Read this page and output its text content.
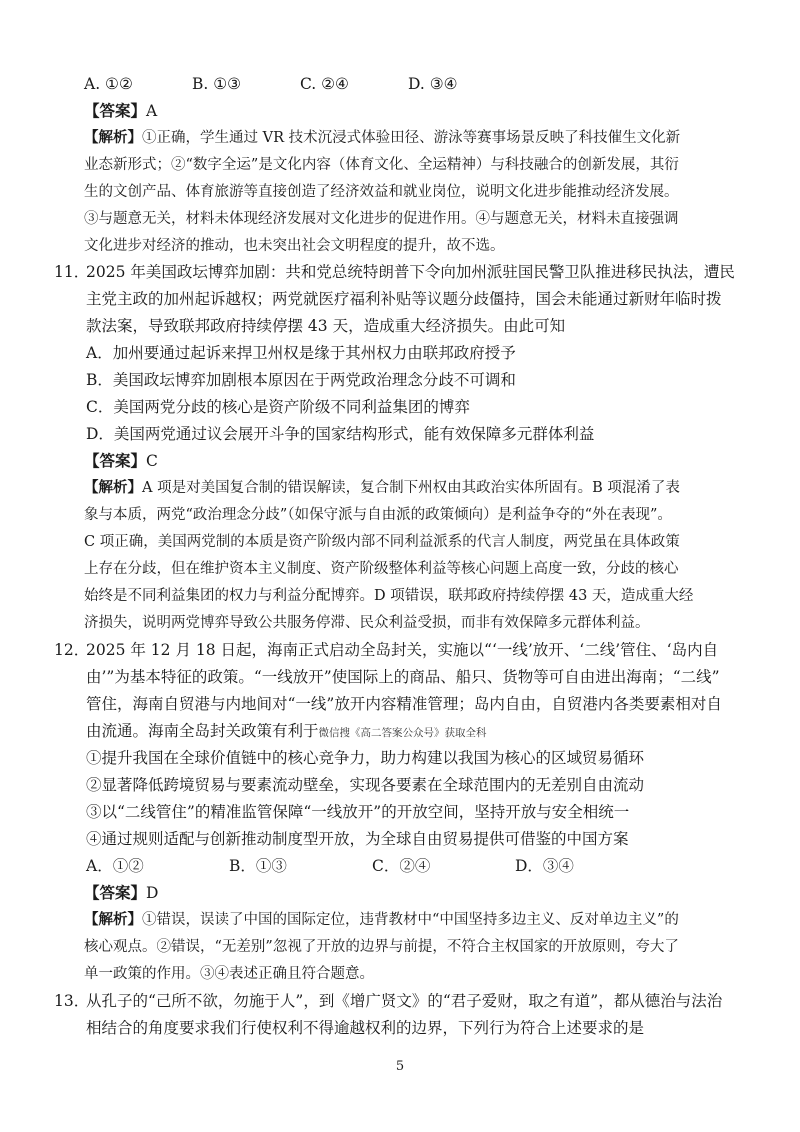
A. ①②	B. ①③	C. ②④	D. ③④
【答案】A
【解析】①正确，学生通过 VR 技术沉浸式体验田径、游泳等赛事场景反映了科技催生文化新
业态新形式；②“数字全运”是文化内容（体育文化、全运精神）与科技融合的创新发展，其衍
生的文创产品、体育旅游等直接创造了经济效益和就业岗位，说明文化进步能推动经济发展。
③与题意无关，材料未体现经济发展对文化进步的促进作用。④与题意无关，材料未直接强调
文化进步对经济的推动，也未突出社会文明程度的提升，故不选。
11．
2025 年美国政坛博弈加剧：共和党总统特朗普下令向加州派驻国民警卫队推进移民执法，遭民
主党主政的加州起诉越权；两党就医疗福利补贴等议题分歧僵持，国会未能通过新财年临时拨
款法案，导致联邦政府持续停摆 43 天，造成重大经济损失。由此可知
A．加州要通过起诉来捍卫州权是缘于其州权力由联邦政府授予
B．美国政坛博弈加剧根本原因在于两党政治理念分歧不可调和
C．美国两党分歧的核心是资产阶级不同利益集团的博弈
D．美国两党通过议会展开斗争的国家结构形式，能有效保障多元群体利益
【答案】C
【解析】A 项是对美国复合制的错误解读，复合制下州权由其政治实体所固有。B 项混淆了表
象与本质，两党“政治理念分歧”（如保守派与自由派的政策倾向）是利益争夺的“外在表现”。
C 项正确，美国两党制的本质是资产阶级内部不同利益派系的代言人制度，两党虽在具体政策
上存在分歧，但在维护资本主义制度、资产阶级整体利益等核心问题上高度一致，分歧的核心
始终是不同利益集团的权力与利益分配博弈。D 项错误，联邦政府持续停摆 43 天，造成重大经
济损失，说明两党博弈导致公共服务停滞、民众利益受损，而非有效保障多元群体利益。
12．
2025 年 12 月 18 日起，海南正式启动全岛封关，实施以“‘一线’放开、‘二线’管住、‘岛内自
由’”为基本特征的政策。“一线放开”使国际上的商品、船只、货物等可自由进出海南；“二线”
管住，海南自贸港与内地间对“一线”放开内容精准管理；岛内自由，自贸港内各类要素相对自
由流通。海南全岛封关政策有利于微信搜《高二答案公众号》获取全科
①提升我国在全球价值链中的核心竞争力，助力构建以我国为核心的区域贸易循环
②显著降低跨境贸易与要素流动壁垒，实现各要素在全球范围内的无差别自由流动
③以“二线管住”的精准监管保障“一线放开”的开放空间，坚持开放与安全相统一
④通过规则适配与创新推动制度型开放，为全球自由贸易提供可借鉴的中国方案
A．①②	B．①③	C．②④	D．③④
【答案】D
【解析】①错误，误读了中国的国际定位，违背教材中“中国坚持多边主义、反对单边主义”的
核心观点。②错误，“无差别”忽视了开放的边界与前提，不符合主权国家的开放原则，夸大了
单一政策的作用。③④表述正确且符合题意。
13．
从孔子的“己所不欲，勿施于人”，到《增广贤文》的“君子爱财，取之有道”，都从德治与法治
相结合的角度要求我们行使权利不得逾越权利的边界，下列行为符合上述要求的是
5
